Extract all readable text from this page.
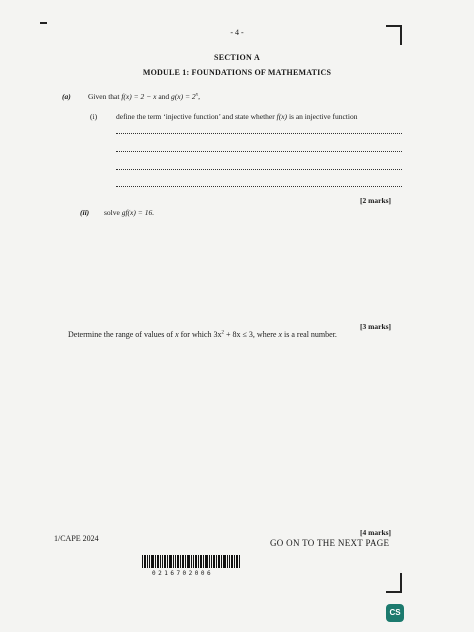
- 4 -
SECTION A
MODULE 1: FOUNDATIONS OF MATHEMATICS
(a) Given that f(x) = 2 − x and $g(x) = 2^x$,
(i)	define the term ‘injective function’ and state whether f(x) is an injective function
[2 marks]
(ii) solve gf(x) = 16.
[3 marks]
Determine the range of values of x for which $3x^2 + 8x \le 3$, where x is a real number.
[4 marks]
1/CAPE 2024	GO ON TO THE NEXT PAGE
0216702006
CS
